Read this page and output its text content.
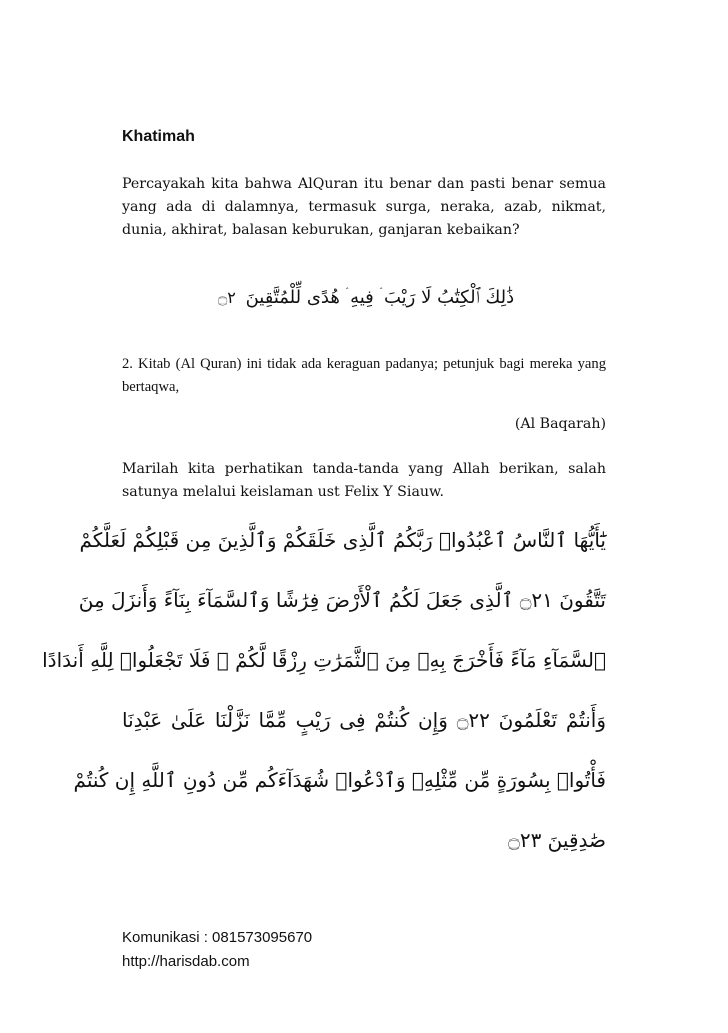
Khatimah
Percayakah kita bahwa AlQuran itu benar dan pasti benar semua yang ada di dalamnya, termasuk surga, neraka, azab, nikmat, dunia, akhirat, balasan keburukan, ganjaran kebaikan?
ذَٰلِكَ ٱلْكِتَٰبُ لَا رَيْبَ ۛ فِيهِ ۛ هُدًى لِّلْمُتَّقِينَ ۝٢
2. Kitab (Al Quran) ini tidak ada keraguan padanya; petunjuk bagi mereka yang bertaqwa,
(Al Baqarah)
Marilah kita perhatikan tanda-tanda yang Allah berikan, salah satunya melalui keislaman ust Felix Y Siauw.
يَٰٓأَيُّهَا ٱلنَّاسُ ٱعْبُدُوا۟ رَبَّكُمُ ٱلَّذِى خَلَقَكُمْ وَٱلَّذِينَ مِن قَبْلِكُمْ لَعَلَّكُمْ
تَتَّقُونَ ۝٢١ ٱلَّذِى جَعَلَ لَكُمُ ٱلْأَرْضَ فِرَٰشًا وَٱلسَّمَآءَ بِنَآءً وَأَنزَلَ مِنَ
ٱلسَّمَآءِ مَآءً فَأَخْرَجَ بِهِۦ مِنَ ٱلثَّمَرَٰتِ رِزْقًا لَّكُمْ ۖ فَلَا تَجْعَلُوا۟ لِلَّهِ أَندَادًا
وَأَنتُمْ تَعْلَمُونَ ۝٢٢ وَإِن كُنتُمْ فِى رَيْبٍ مِّمَّا نَزَّلْنَا عَلَىٰ عَبْدِنَا
فَأْتُوا۟ بِسُورَةٍ مِّن مِّثْلِهِۦ وَٱدْعُوا۟ شُهَدَآءَكُم مِّن دُونِ ٱللَّهِ إِن كُنتُمْ
صَٰدِقِينَ ۝٢٣
Komunikasi : 081573095670
http://harisdab.com
